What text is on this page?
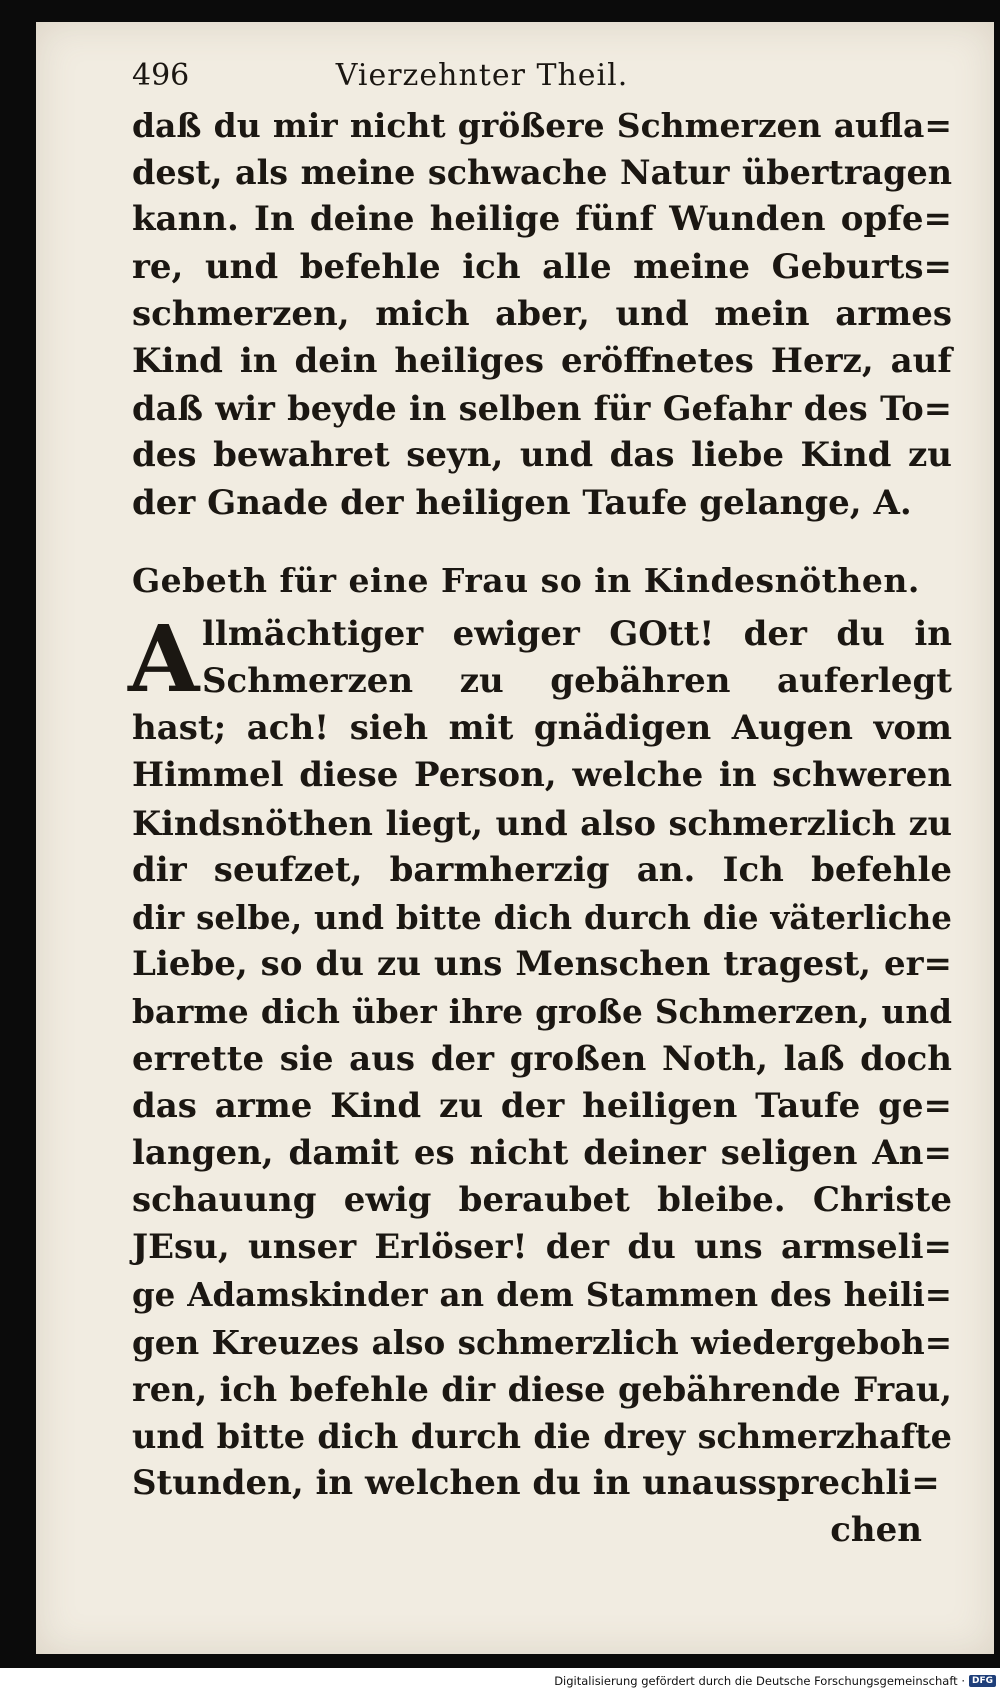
496	Vierzehnter Theil.
daß du mir nicht größere Schmerzen aufla=
dest, als meine schwache Natur übertragen
kann. In deine heilige fünf Wunden opfe=
re, und befehle ich alle meine Geburts=
schmerzen, mich aber, und mein armes
Kind in dein heiliges eröffnetes Herz, auf
daß wir beyde in selben für Gefahr des To=
des bewahret seyn, und das liebe Kind zu
der Gnade der heiligen Taufe gelange, A.
Gebeth für eine Frau so in Kindesnöthen.
A llmächtiger ewiger GOtt! der du in
Schmerzen zu gebähren auferlegt
hast; ach! sieh mit gnädigen Augen vom
Himmel diese Person, welche in schweren
Kindsnöthen liegt, und also schmerzlich zu
dir seufzet, barmherzig an. Ich befehle
dir selbe, und bitte dich durch die väterliche
Liebe, so du zu uns Menschen tragest, er=
barme dich über ihre große Schmerzen, und
errette sie aus der großen Noth, laß doch
das arme Kind zu der heiligen Taufe ge=
langen, damit es nicht deiner seligen An=
schauung ewig beraubet bleibe. Christe
JEsu, unser Erlöser! der du uns armseli=
ge Adamskinder an dem Stammen des heili=
gen Kreuzes also schmerzlich wiedergeboh=
ren, ich befehle dir diese gebährende Frau,
und bitte dich durch die drey schmerzhafte
Stunden, in welchen du in unaussprechli=
chen
Digitalisierung gefördert durch die Deutsche Forschungsgemeinschaft · DFG
